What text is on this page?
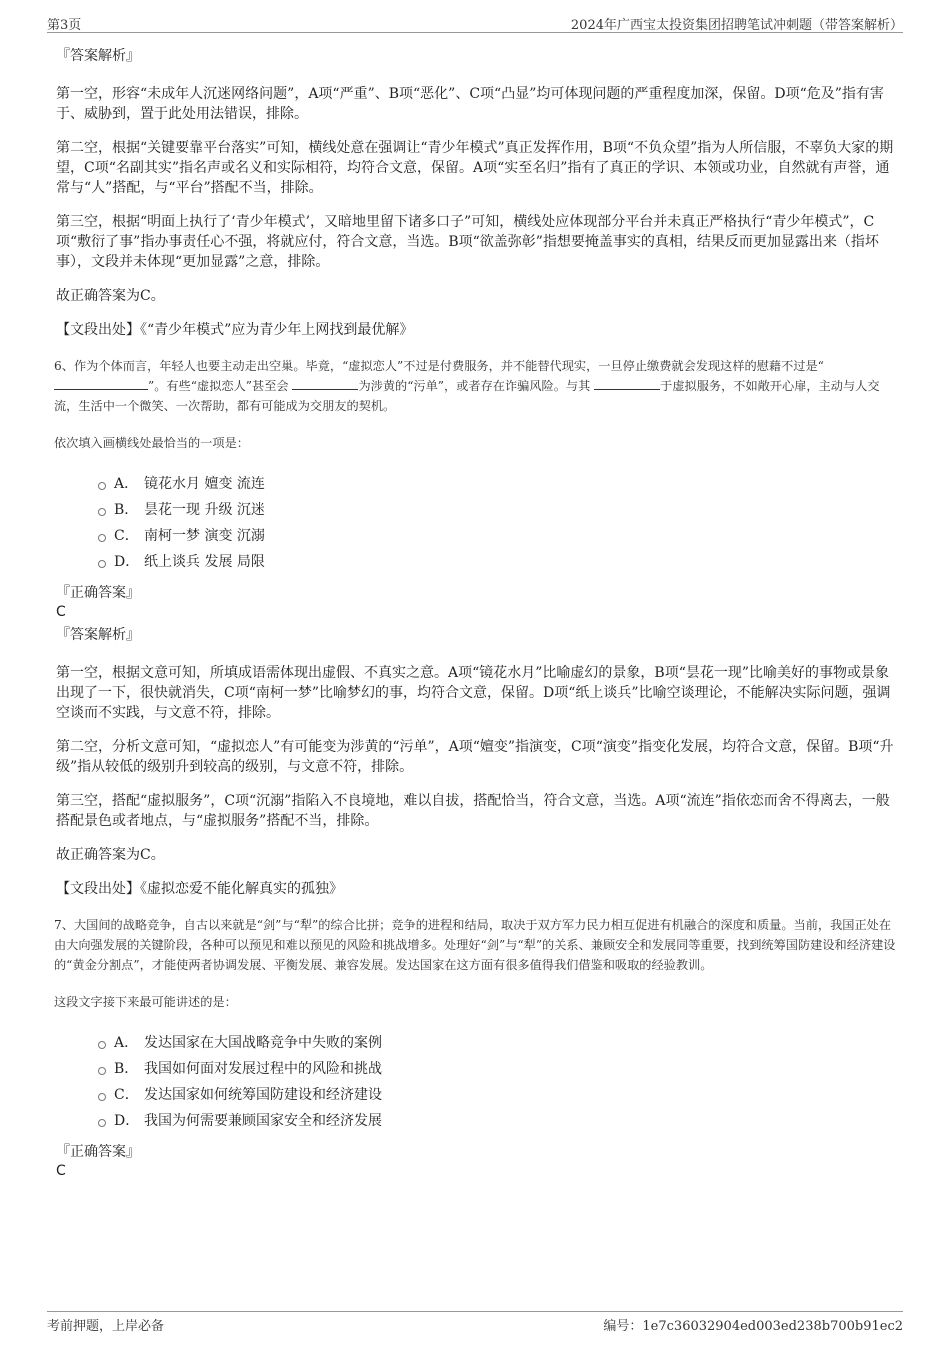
第3页	2024年广西宝太投资集团招聘笔试冲刺题（带答案解析）
『答案解析』

第一空，形容“未成年人沉迷网络问题”，A项“严重”、B项“恶化”、C项“凸显”均可体现问题的严重程度加深，保留。D项“危及”指有害于、威胁到，置于此处用法错误，排除。

第二空，根据“关键要靠平台落实”可知，横线处意在强调让“青少年模式”真正发挥作用，B项“不负众望”指为人所信服，不辜负大家的期望，C项“名副其实”指名声或名义和实际相符，均符合文意，保留。A项“实至名归”指有了真正的学识、本领或功业，自然就有声誉，通常与“人”搭配，与“平台”搭配不当，排除。

第三空，根据“明面上执行了‘青少年模式’，又暗地里留下诸多口子”可知，横线处应体现部分平台并未真正严格执行“青少年模式”，C项“敷衍了事”指办事责任心不强，将就应付，符合文意，当选。B项“欲盖弥彰”指想要掩盖事实的真相，结果反而更加显露出来（指坏事），文段并未体现“更加显露”之意，排除。

故正确答案为C。

【文段出处】《“青少年模式”应为青少年上网找到最优解》

6、作为个体而言，年轻人也要主动走出空巢。毕竟，“虚拟恋人”不过是付费服务，并不能替代现实，一旦停止缴费就会发现这样的慰藉不过是“”。有些“虚拟恋人”甚至会	为涉黄的“污单”，或者存在诈骗风险。与其	于虚拟服务，不如敞开心扉，主动与人交流，生活中一个微笑、一次帮助，都有可能成为交朋友的契机。

依次填入画横线处最恰当的一项是：

A． 镜花水月 嬗变 流连
B． 昙花一现 升级 沉迷
C． 南柯一梦 演变 沉溺
D． 纸上谈兵 发展 局限
『正确答案』
C
『答案解析』

第一空，根据文意可知，所填成语需体现出虚假、不真实之意。A项“镜花水月”比喻虚幻的景象，B项“昙花一现”比喻美好的事物或景象出现了一下，很快就消失，C项“南柯一梦”比喻梦幻的事，均符合文意，保留。D项“纸上谈兵”比喻空谈理论，不能解决实际问题，强调空谈而不实践，与文意不符，排除。

第二空，分析文意可知，“虚拟恋人”有可能变为涉黄的“污单”，A项“嬗变”指演变，C项“演变”指变化发展，均符合文意，保留。B项“升级”指从较低的级别升到较高的级别，与文意不符，排除。

第三空，搭配“虚拟服务”，C项“沉溺”指陷入不良境地，难以自拔，搭配恰当，符合文意，当选。A项“流连”指依恋而舍不得离去，一般搭配景色或者地点，与“虚拟服务”搭配不当，排除。

故正确答案为C。

【文段出处】《虚拟恋爱不能化解真实的孤独》

7、大国间的战略竞争，自古以来就是“剑”与“犁”的综合比拼；竞争的进程和结局，取决于双方军力民力相互促进有机融合的深度和质量。当前，我国正处在由大向强发展的关键阶段，各种可以预见和难以预见的风险和挑战增多。处理好“剑”与“犁”的关系、兼顾安全和发展同等重要，找到统筹国防建设和经济建设的“黄金分割点”，才能使两者协调发展、平衡发展、兼容发展。发达国家在这方面有很多值得我们借鉴和吸取的经验教训。

这段文字接下来最可能讲述的是：

A． 发达国家在大国战略竞争中失败的案例
B． 我国如何面对发展过程中的风险和挑战
C． 发达国家如何统筹国防建设和经济建设
D． 我国为何需要兼顾国家安全和经济发展
『正确答案』
C
考前押题，上岸必备	编号：1e7c36032904ed003ed238b700b91ec2
